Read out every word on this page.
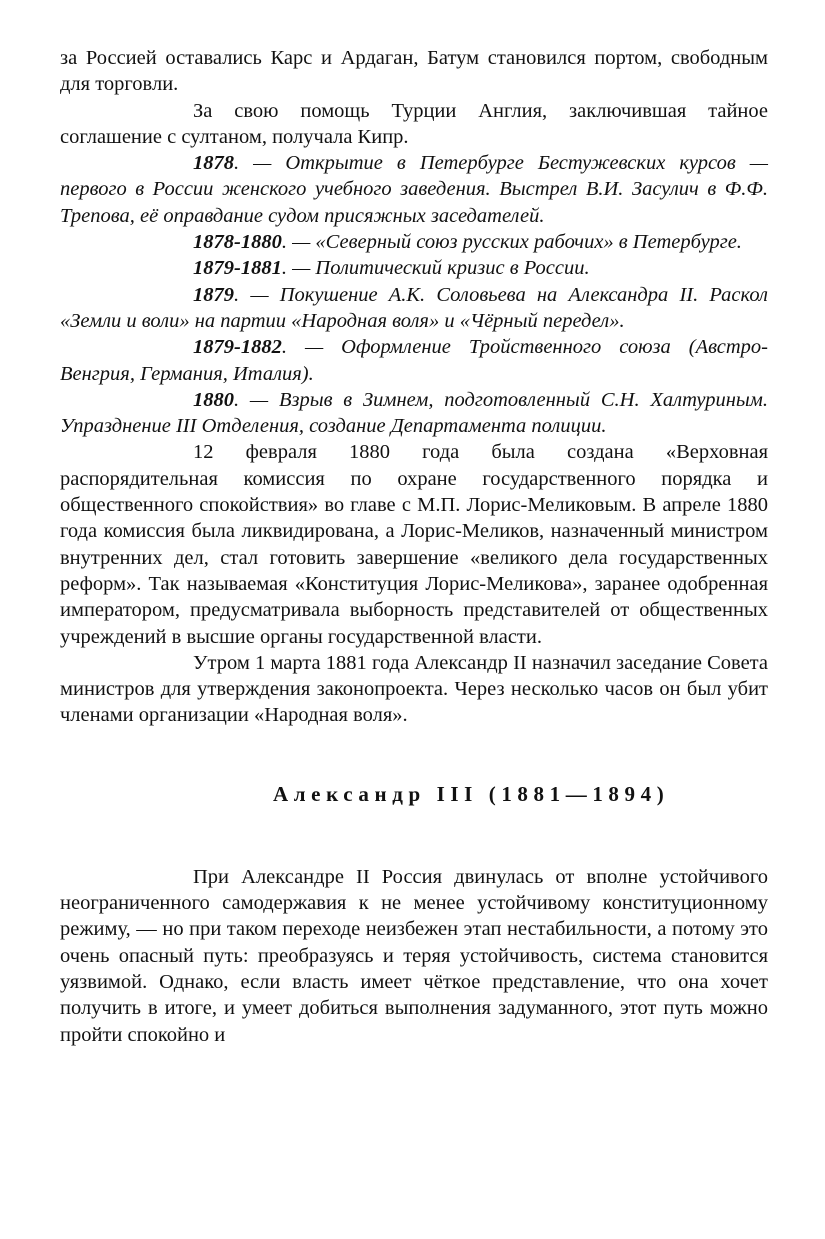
за Россией оставались Карс и Ардаган, Батум становился портом, свободным для торговли.

За свою помощь Турции Англия, заключившая тайное соглашение с султаном, получала Кипр.

1878. — Открытие в Петербурге Бестужевских курсов — первого в России женского учебного заведения. Выстрел В.И. Засулич в Ф.Ф. Трепова, её оправдание судом присяжных заседателей.

1878-1880. — «Северный союз русских рабочих» в Петербурге.

1879-1881. — Политический кризис в России.

1879. — Покушение А.К. Соловьева на Александра II. Раскол «Земли и воли» на партии «Народная воля» и «Чёрный передел».

1879-1882. — Оформление Тройственного союза (Австро-Венгрия, Германия, Италия).

1880. — Взрыв в Зимнем, подготовленный С.Н. Халтуриным. Упразднение III Отделения, создание Департамента полиции.

12 февраля 1880 года была создана «Верховная распорядительная комиссия по охране государственного порядка и общественного спокойствия» во главе с М.П. Лорис-Меликовым. В апреле 1880 года комиссия была ликвидирована, а Лорис-Меликов, назначенный министром внутренних дел, стал готовить завершение «великого дела государственных реформ». Так называемая «Конституция Лорис-Меликова», заранее одобренная императором, предусматривала выборность представителей от общественных учреждений в высшие органы государственной власти.

Утром 1 марта 1881 года Александр II назначил заседание Совета министров для утверждения законопроекта. Через несколько часов он был убит членами организации «Народная воля».

Александр III (1881—1894)

При Александре II Россия двинулась от вполне устойчивого неограниченного самодержавия к не менее устойчивому конституционному режиму, — но при таком переходе неизбежен этап нестабильности, а потому это очень опасный путь: преобразуясь и теряя устойчивость, система становится уязвимой. Однако, если власть имеет чёткое представление, что она хочет получить в итоге, и умеет добиться выполнения задуманного, этот путь можно пройти спокойно и
